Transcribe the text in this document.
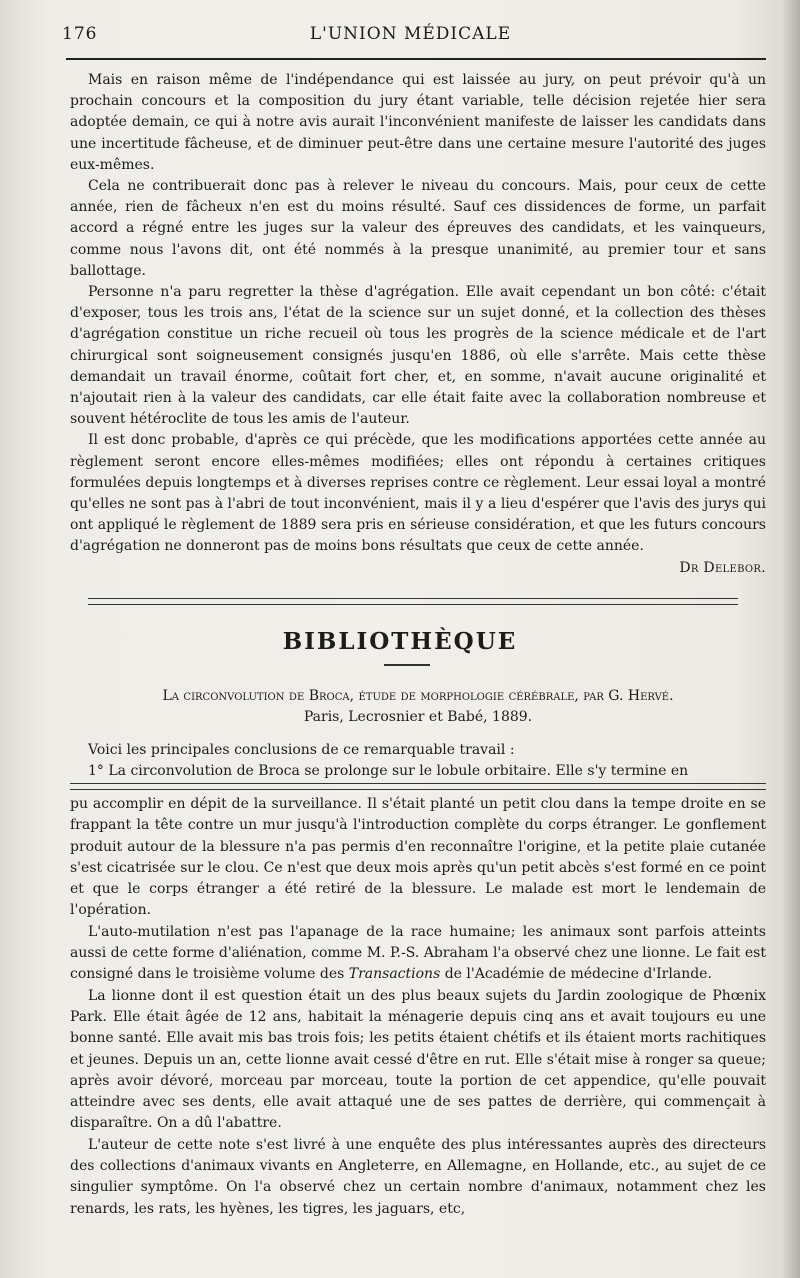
176	L'UNION MÉDICALE

Mais en raison même de l'indépendance qui est laissée au jury, on peut prévoir qu'à un prochain concours et la composition du jury étant variable, telle décision rejetée hier sera adoptée demain, ce qui à notre avis aurait l'inconvénient manifeste de laisser les candidats dans une incertitude fâcheuse, et de diminuer peut-être dans une certaine mesure l'autorité des juges eux-mêmes.

Cela ne contribuerait donc pas à relever le niveau du concours. Mais, pour ceux de cette année, rien de fâcheux n'en est du moins résulté. Sauf ces dissidences de forme, un parfait accord a régné entre les juges sur la valeur des épreuves des candidats, et les vainqueurs, comme nous l'avons dit, ont été nommés à la presque unanimité, au premier tour et sans ballottage.

Personne n'a paru regretter la thèse d'agrégation. Elle avait cependant un bon côté: c'était d'exposer, tous les trois ans, l'état de la science sur un sujet donné, et la collection des thèses d'agrégation constitue un riche recueil où tous les progrès de la science médicale et de l'art chirurgical sont soigneusement consignés jusqu'en 1886, où elle s'arrête. Mais cette thèse demandait un travail énorme, coûtait fort cher, et, en somme, n'avait aucune originalité et n'ajoutait rien à la valeur des candidats, car elle était faite avec la collaboration nombreuse et souvent hétéroclite de tous les amis de l'auteur.

Il est donc probable, d'après ce qui précède, que les modifications apportées cette année au règlement seront encore elles-mêmes modifiées; elles ont répondu à certaines critiques formulées depuis longtemps et à diverses reprises contre ce règlement. Leur essai loyal a montré qu'elles ne sont pas à l'abri de tout inconvénient, mais il y a lieu d'espérer que l'avis des jurys qui ont appliqué le règlement de 1889 sera pris en sérieuse considération, et que les futurs concours d'agrégation ne donneront pas de moins bons résultats que ceux de cette année.

Dr Delebor.
BIBLIOTHÈQUE
La circonvolution de Broca, étude de morphologie cérébrale, par G. Hervé.
Paris, Lecrosnier et Babé, 1889.

Voici les principales conclusions de ce remarquable travail :

1° La circonvolution de Broca se prolonge sur le lobule orbitaire. Elle s'y termine en

pu accomplir en dépit de la surveillance. Il s'était planté un petit clou dans la tempe droite en se frappant la tête contre un mur jusqu'à l'introduction complète du corps étranger. Le gonflement produit autour de la blessure n'a pas permis d'en reconnaître l'origine, et la petite plaie cutanée s'est cicatrisée sur le clou. Ce n'est que deux mois après qu'un petit abcès s'est formé en ce point et que le corps étranger a été retiré de la blessure. Le malade est mort le lendemain de l'opération.

L'auto-mutilation n'est pas l'apanage de la race humaine; les animaux sont parfois atteints aussi de cette forme d'aliénation, comme M. P.-S. Abraham l'a observé chez une lionne. Le fait est consigné dans le troisième volume des Transactions de l'Académie de médecine d'Irlande.

La lionne dont il est question était un des plus beaux sujets du Jardin zoologique de Phœnix Park. Elle était âgée de 12 ans, habitait la ménagerie depuis cinq ans et avait toujours eu une bonne santé. Elle avait mis bas trois fois; les petits étaient chétifs et ils étaient morts rachitiques et jeunes. Depuis un an, cette lionne avait cessé d'être en rut. Elle s'était mise à ronger sa queue; après avoir dévoré, morceau par morceau, toute la portion de cet appendice, qu'elle pouvait atteindre avec ses dents, elle avait attaqué une de ses pattes de derrière, qui commençait à disparaître. On a dû l'abattre.

L'auteur de cette note s'est livré à une enquête des plus intéressantes auprès des directeurs des collections d'animaux vivants en Angleterre, en Allemagne, en Hollande, etc., au sujet de ce singulier symptôme. On l'a observé chez un certain nombre d'animaux, notamment chez les renards, les rats, les hyènes, les tigres, les jaguars, etc,
